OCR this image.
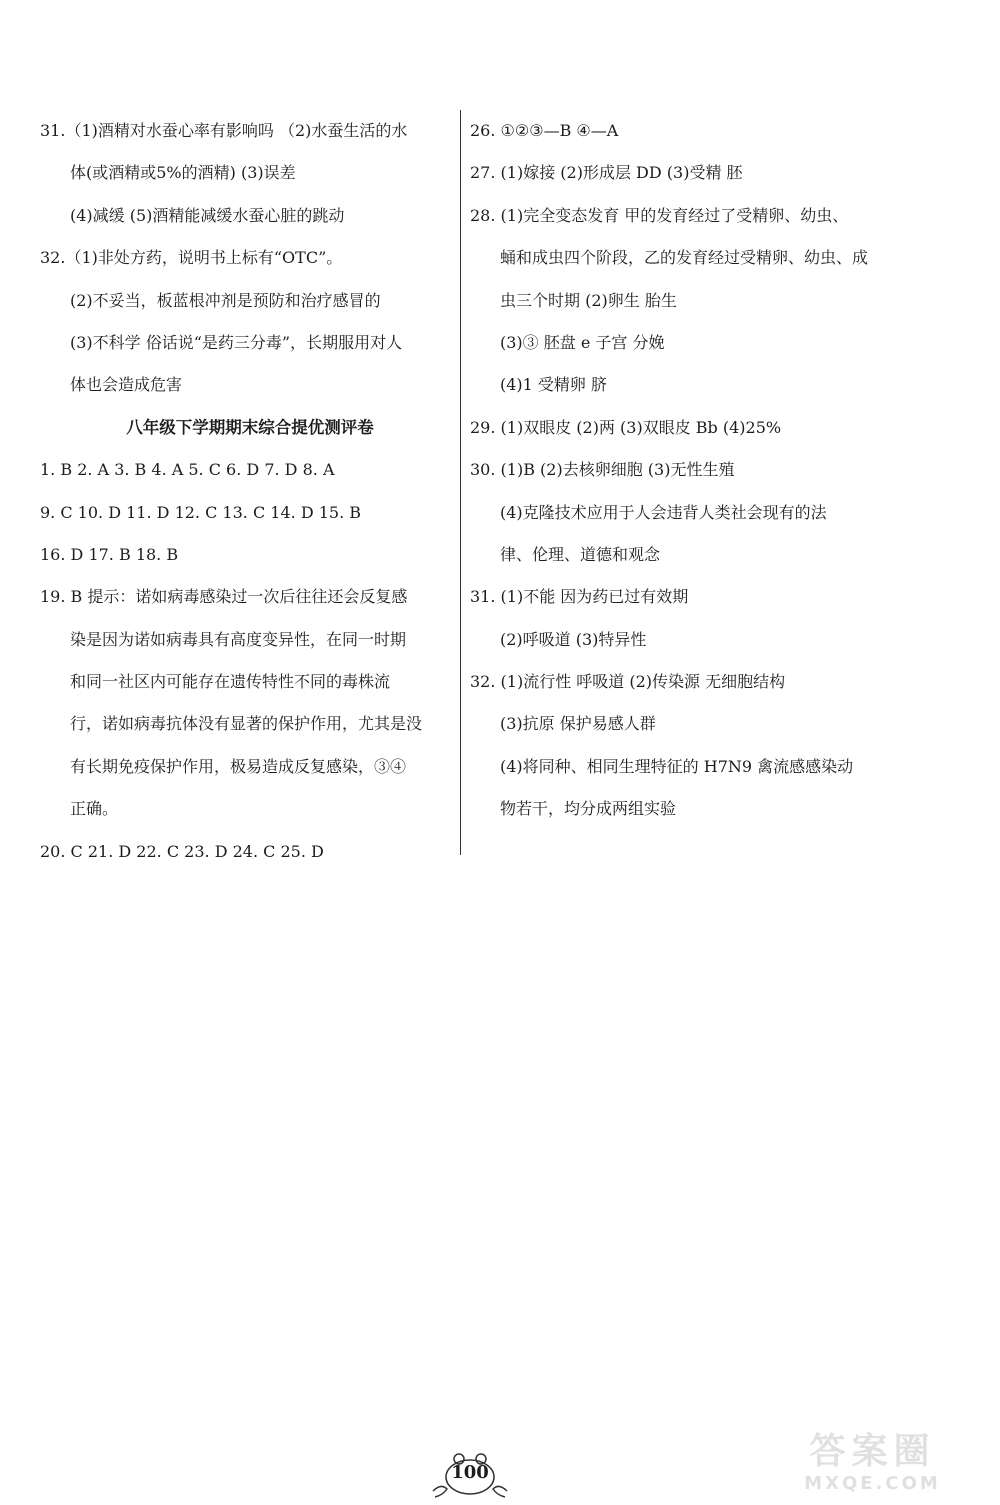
31.（1)酒精对水蚕心率有影响吗 （2)水蚕生活的水
体(或酒精或5%的酒精) (3)误差
(4)减缓 (5)酒精能减缓水蚕心脏的跳动
32.（1)非处方药，说明书上标有“OTC”。
(2)不妥当，板蓝根冲剂是预防和治疗感冒的
(3)不科学 俗话说“是药三分毒”，长期服用对人
体也会造成危害
八年级下学期期末综合提优测评卷
1. B 2. A 3. B 4. A 5. C 6. D 7. D 8. A
9. C 10. D 11. D 12. C 13. C 14. D 15. B
16. D 17. B 18. B
19. B 提示：诺如病毒感染过一次后往往还会反复感
染是因为诺如病毒具有高度变异性，在同一时期
和同一社区内可能存在遗传特性不同的毒株流
行，诺如病毒抗体没有显著的保护作用，尤其是没
有长期免疫保护作用，极易造成反复感染，③④
正确。
20. C 21. D 22. C 23. D 24. C 25. D
26. ①②③—B ④—A
27. (1)嫁接 (2)形成层 DD (3)受精 胚
28. (1)完全变态发育 甲的发育经过了受精卵、幼虫、
蛹和成虫四个阶段，乙的发育经过受精卵、幼虫、成
虫三个时期 (2)卵生 胎生
(3)③ 胚盘 e 子宫 分娩
(4)1 受精卵 脐
29. (1)双眼皮 (2)两 (3)双眼皮 Bb (4)25%
30. (1)B (2)去核卵细胞 (3)无性生殖
(4)克隆技术应用于人会违背人类社会现有的法
律、伦理、道德和观念
31. (1)不能 因为药已过有效期
(2)呼吸道 (3)特异性
32. (1)流行性 呼吸道 (2)传染源 无细胞结构
(3)抗原 保护易感人群
(4)将同种、相同生理特征的 H7N9 禽流感感染动
物若干，均分成两组实验
100
答案圈
MXQE.COM
